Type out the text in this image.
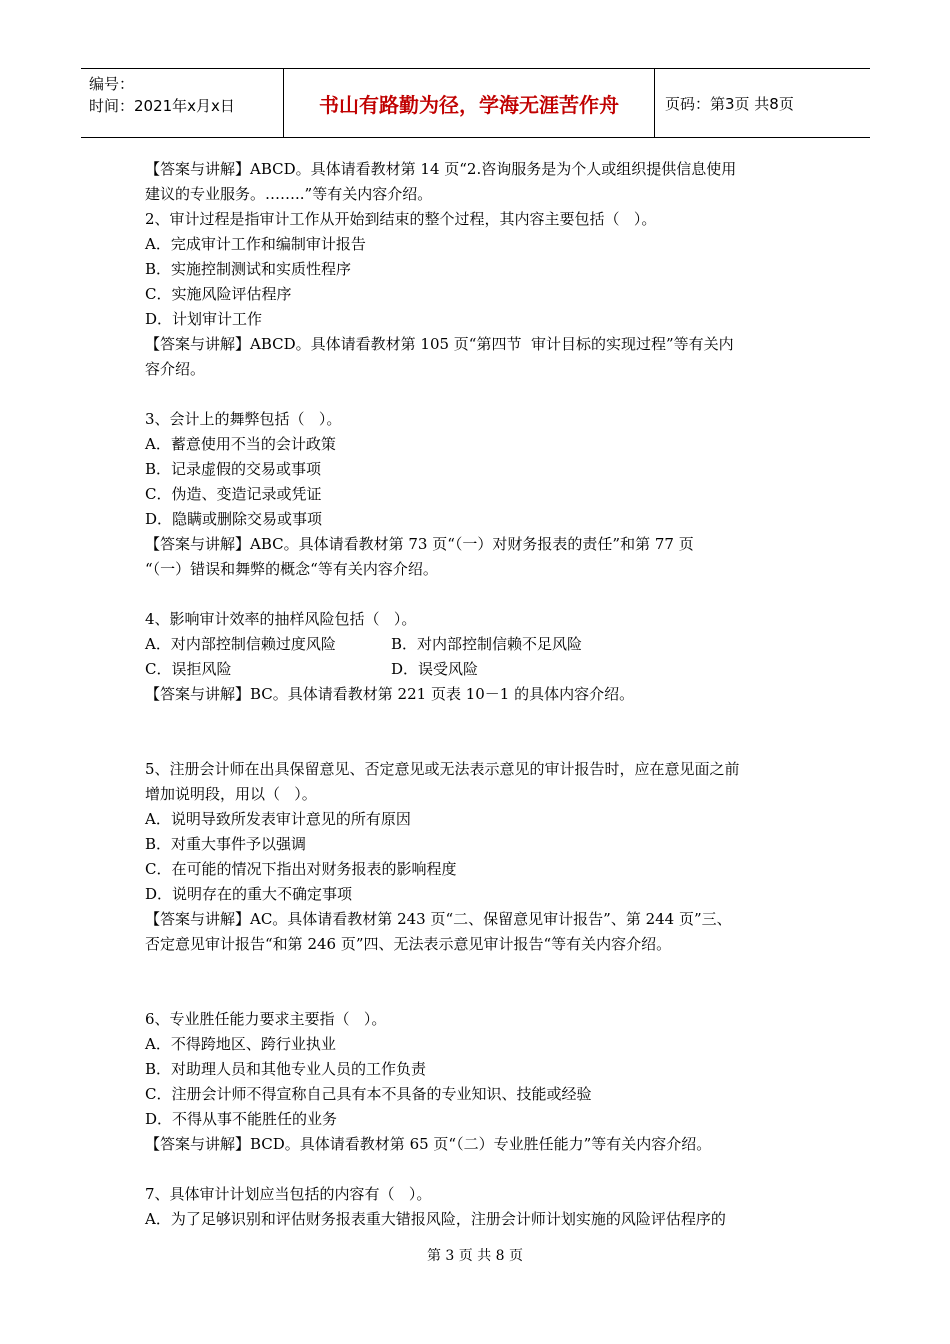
编号：
时间：2021年x月x日	书山有路勤为径，学海无涯苦作舟	页码：第3页 共8页
【答案与讲解】ABCD。具体请看教材第 14 页“2.咨询服务是为个人或组织提供信息使用
建议的专业服务。……..”等有关内容介绍。
2、审计过程是指审计工作从开始到结束的整个过程，其内容主要包括（   ）。
A．完成审计工作和编制审计报告
B．实施控制测试和实质性程序
C．实施风险评估程序
D．计划审计工作
【答案与讲解】ABCD。具体请看教材第 105 页“第四节  审计目标的实现过程”等有关内
容介绍。
3、会计上的舞弊包括（   ）。
A．蓄意使用不当的会计政策
B．记录虚假的交易或事项
C．伪造、变造记录或凭证
D．隐瞒或删除交易或事项
【答案与讲解】ABC。具体请看教材第 73 页“（一）对财务报表的责任”和第 77 页
“（一）错误和舞弊的概念“等有关内容介绍。
4、影响审计效率的抽样风险包括（   ）。
A．对内部控制信赖过度风险	B．对内部控制信赖不足风险
C．误拒风险	D．误受风险
【答案与讲解】BC。具体请看教材第 221 页表 10－1 的具体内容介绍。
5、注册会计师在出具保留意见、否定意见或无法表示意见的审计报告时，应在意见面之前
增加说明段，用以（   ）。
A．说明导致所发表审计意见的所有原因
B．对重大事件予以强调
C．在可能的情况下指出对财务报表的影响程度
D．说明存在的重大不确定事项
【答案与讲解】AC。具体请看教材第 243 页“二、保留意见审计报告”、第 244 页”三、
否定意见审计报告“和第 246 页”四、无法表示意见审计报告“等有关内容介绍。
6、专业胜任能力要求主要指（   ）。
A．不得跨地区、跨行业执业
B．对助理人员和其他专业人员的工作负责
C．注册会计师不得宣称自己具有本不具备的专业知识、技能或经验
D．不得从事不能胜任的业务
【答案与讲解】BCD。具体请看教材第 65 页“（二）专业胜任能力”等有关内容介绍。
7、具体审计计划应当包括的内容有（   ）。
A．为了足够识别和评估财务报表重大错报风险，注册会计师计划实施的风险评估程序的
第 3 页 共 8 页
